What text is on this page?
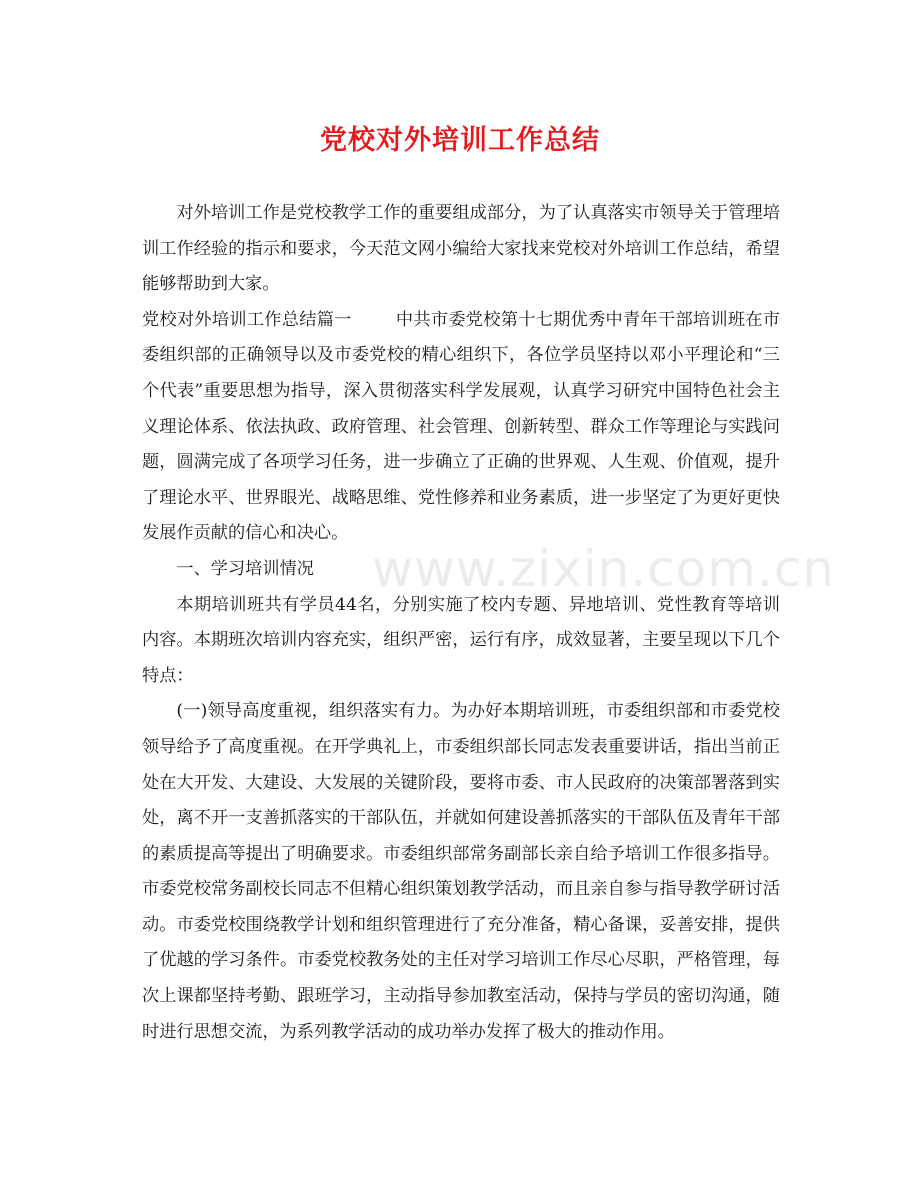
党校对外培训工作总结

对外培训工作是党校教学工作的重要组成部分，为了认真落实市领导关于管理培训工作经验的指示和要求，今天范文网小编给大家找来党校对外培训工作总结，希望能够帮助到大家。

党校对外培训工作总结篇一	中共市委党校第十七期优秀中青年干部培训班在市委组织部的正确领导以及市委党校的精心组织下，各位学员坚持以邓小平理论和“三个代表”重要思想为指导，深入贯彻落实科学发展观，认真学习研究中国特色社会主义理论体系、依法执政、政府管理、社会管理、创新转型、群众工作等理论与实践问题，圆满完成了各项学习任务，进一步确立了正确的世界观、人生观、价值观，提升了理论水平、世界眼光、战略思维、党性修养和业务素质，进一步坚定了为更好更快发展作贡献的信心和决心。

一、学习培训情况

本期培训班共有学员44名，分别实施了校内专题、异地培训、党性教育等培训内容。本期班次培训内容充实，组织严密，运行有序，成效显著，主要呈现以下几个特点：

(一)领导高度重视，组织落实有力。为办好本期培训班，市委组织部和市委党校领导给予了高度重视。在开学典礼上，市委组织部长同志发表重要讲话，指出当前正处在大开发、大建设、大发展的关键阶段，要将市委、市人民政府的决策部署落到实处，离不开一支善抓落实的干部队伍，并就如何建设善抓落实的干部队伍及青年干部的素质提高等提出了明确要求。市委组织部常务副部长亲自给予培训工作很多指导。市委党校常务副校长同志不但精心组织策划教学活动，而且亲自参与指导教学研讨活动。市委党校围绕教学计划和组织管理进行了充分准备，精心备课，妥善安排，提供了优越的学习条件。市委党校教务处的主任对学习培训工作尽心尽职，严格管理，每次上课都坚持考勤、跟班学习，主动指导参加教室活动，保持与学员的密切沟通，随时进行思想交流，为系列教学活动的成功举办发挥了极大的推动作用。

www.zixin.com.cn
